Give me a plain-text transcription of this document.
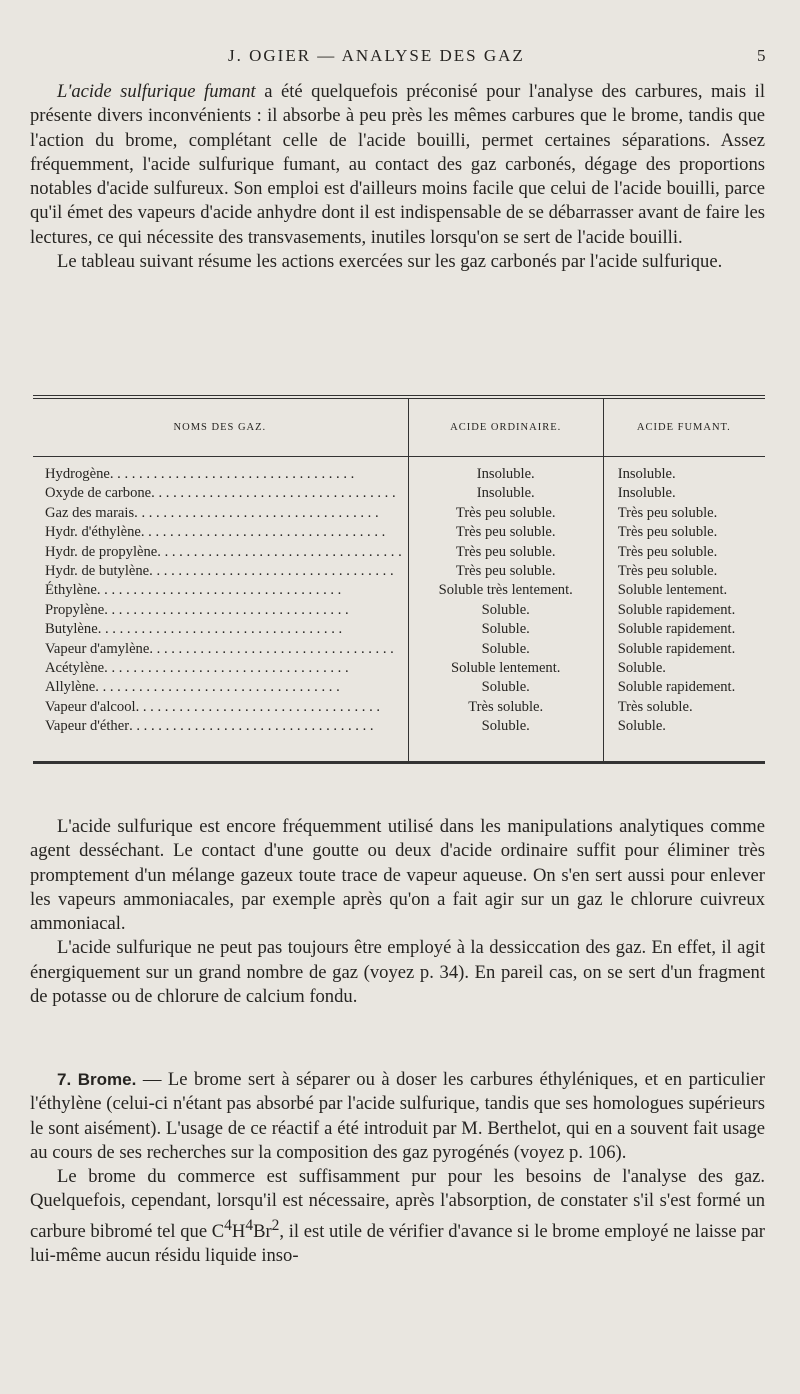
J. OGIER — ANALYSE DES GAZ	5

L'acide sulfurique fumant a été quelquefois préconisé pour l'analyse des carbures, mais il présente divers inconvénients : il absorbe à peu près les mêmes carbures que le brome, tandis que l'action du brome, complétant celle de l'acide bouilli, permet certaines séparations. Assez fréquemment, l'acide sulfurique fumant, au contact des gaz carbonés, dégage des proportions notables d'acide sulfureux. Son emploi est d'ailleurs moins facile que celui de l'acide bouilli, parce qu'il émet des vapeurs d'acide anhydre dont il est indispensable de se débarrasser avant de faire les lectures, ce qui nécessite des transvasements, inutiles lorsqu'on se sert de l'acide bouilli.

Le tableau suivant résume les actions exercées sur les gaz carbonés par l'acide sulfurique.

NOMS DES GAZ.	ACIDE ORDINAIRE.	ACIDE FUMANT.

Hydrogène . . . . . . . . . . . . . . . . . . . . . . . . . . . . . . . . . .	Insoluble.	Insoluble.

Oxyde de carbone . . . . . . . . . . . . . . . . . . . . . . . . . . . . . . . . . .	Insoluble.	Insoluble.

Gaz des marais . . . . . . . . . . . . . . . . . . . . . . . . . . . . . . . . . .	Très peu soluble.	Très peu soluble.

Hydr. d'éthylène . . . . . . . . . . . . . . . . . . . . . . . . . . . . . . . . . .	Très peu soluble.	Très peu soluble.

Hydr. de propylène . . . . . . . . . . . . . . . . . . . . . . . . . . . . . . . . . .	Très peu soluble.	Très peu soluble.

Hydr. de butylène . . . . . . . . . . . . . . . . . . . . . . . . . . . . . . . . . .	Très peu soluble.	Très peu soluble.

Éthylène . . . . . . . . . . . . . . . . . . . . . . . . . . . . . . . . . .	Soluble très lentement.	Soluble lentement.

Propylène . . . . . . . . . . . . . . . . . . . . . . . . . . . . . . . . . .	Soluble.	Soluble rapidement.

Butylène . . . . . . . . . . . . . . . . . . . . . . . . . . . . . . . . . .	Soluble.	Soluble rapidement.

Vapeur d'amylène . . . . . . . . . . . . . . . . . . . . . . . . . . . . . . . . . .	Soluble.	Soluble rapidement.

Acétylène . . . . . . . . . . . . . . . . . . . . . . . . . . . . . . . . . .	Soluble lentement.	Soluble.

Allylène . . . . . . . . . . . . . . . . . . . . . . . . . . . . . . . . . .	Soluble.	Soluble rapidement.

Vapeur d'alcool . . . . . . . . . . . . . . . . . . . . . . . . . . . . . . . . . .	Très soluble.	Très soluble.

Vapeur d'éther . . . . . . . . . . . . . . . . . . . . . . . . . . . . . . . . . .	Soluble.	Soluble.

L'acide sulfurique est encore fréquemment utilisé dans les manipulations analytiques comme agent desséchant. Le contact d'une goutte ou deux d'acide ordinaire suffit pour éliminer très promptement d'un mélange gazeux toute trace de vapeur aqueuse. On s'en sert aussi pour enlever les vapeurs ammoniacales, par exemple après qu'on a fait agir sur un gaz le chlorure cuivreux ammoniacal.

L'acide sulfurique ne peut pas toujours être employé à la dessiccation des gaz. En effet, il agit énergiquement sur un grand nombre de gaz (voyez p. 34). En pareil cas, on se sert d'un fragment de potasse ou de chlorure de calcium fondu.

7. Brome. — Le brome sert à séparer ou à doser les carbures éthyléniques, et en particulier l'éthylène (celui-ci n'étant pas absorbé par l'acide sulfurique, tandis que ses homologues supérieurs le sont aisément). L'usage de ce réactif a été introduit par M. Berthelot, qui en a souvent fait usage au cours de ses recherches sur la composition des gaz pyrogénés (voyez p. 106).

Le brome du commerce est suffisamment pur pour les besoins de l'analyse des gaz. Quelquefois, cependant, lorsqu'il est nécessaire, après l'absorption, de constater s'il s'est formé un carbure bibromé tel que $C^4H^4Br^2$, il est utile de vérifier d'avance si le brome employé ne laisse par lui-même aucun résidu liquide inso-
